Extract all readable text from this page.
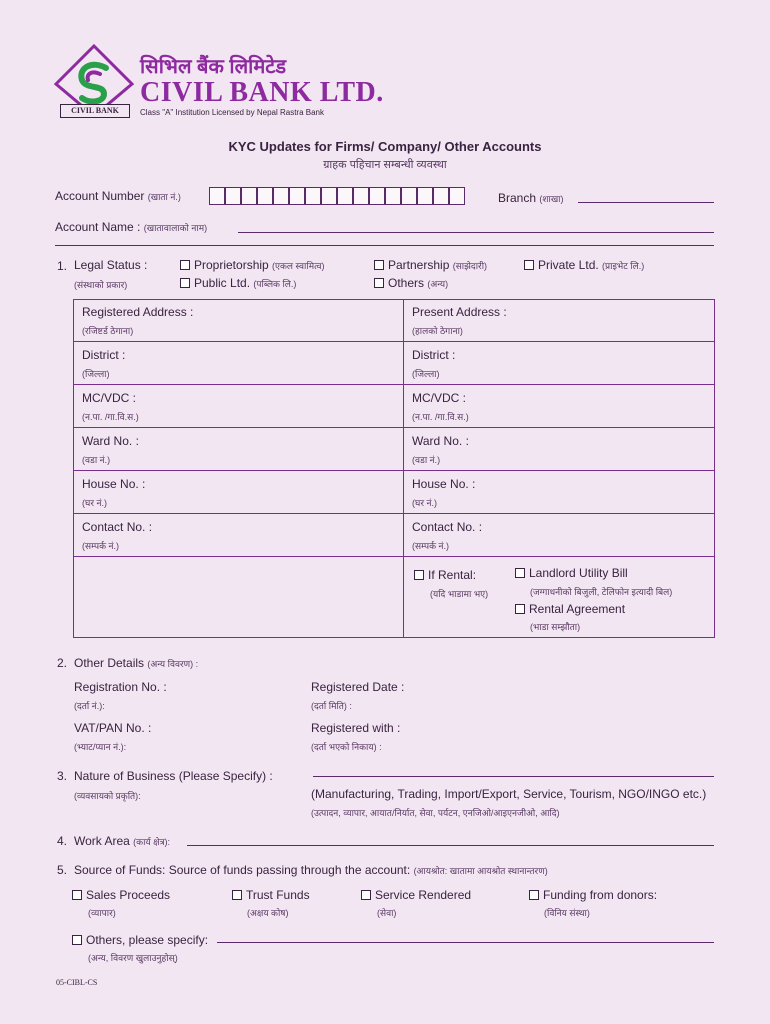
CIVIL BANK
सिभिल बैंक लिमिटेड
CIVIL BANK LTD.
Class "A" Institution Licensed by Nepal Rastra Bank
KYC Updates for Firms/ Company/ Other Accounts
ग्राहक पहिचान सम्बन्धी व्यवस्था
Account Number (खाता नं.)	Branch (शाखा)
Account Name : (खातावालाको नाम)
1. Legal Status :
(संस्थाको प्रकार)
Proprietorship (एकल स्वामित्व)
Public Ltd. (पब्लिक लि.)
Partnership (साझेदारी)
Others (अन्य)
Private Ltd. (प्राइभेट लि.)
Registered Address :
(रजिष्टर्ड ठेगाना)
District :
(जिल्ला)
MC/VDC :
(न.पा. /गा.वि.स.)
Ward No. :
(वडा नं.)
House No. :
(घर नं.)
Contact No. :
(सम्पर्क नं.)
Present Address :
(हालको ठेगाना)
District :
(जिल्ला)
MC/VDC :
(न.पा. /गा.वि.स.)
Ward No. :
(वडा नं.)
House No. :
(घर नं.)
Contact No. :
(सम्पर्क नं.)
If Rental:
(यदि भाडामा भए)
Landlord Utility Bill
(जग्गाधनीको बिजुली, टेलिफोन इत्यादी बिल)
Rental Agreement
(भाडा सम्झौता)
2. Other Details (अन्य विवरण) :
Registration No. :
(दर्ता नं.):
Registered Date :
(दर्ता मिति) :
VAT/PAN No. :
(भ्याट/प्यान नं.):
Registered with :
(दर्ता भएको निकाय) :
3. Nature of Business (Please Specify) :
(व्यवसायको प्रकृति):	(Manufacturing, Trading, Import/Export, Service, Tourism, NGO/INGO etc.)
(उत्पादन, व्यापार, आयात/निर्यात, सेवा, पर्यटन, एनजिओ/आइएनजीओ, आदि)
4. Work Area (कार्य क्षेत्र):
5. Source of Funds: Source of funds passing through the account: (आयश्रोत: खातामा आयश्रोत स्थानान्तरण)
Sales Proceeds
(व्यापार)
Trust Funds
(अक्षय कोष)
Service Rendered
(सेवा)
Funding from donors:
(विनिय संस्था)
Others, please specify:
(अन्य, विवरण खुलाउनुहोस्)
05-CIBL-CS
